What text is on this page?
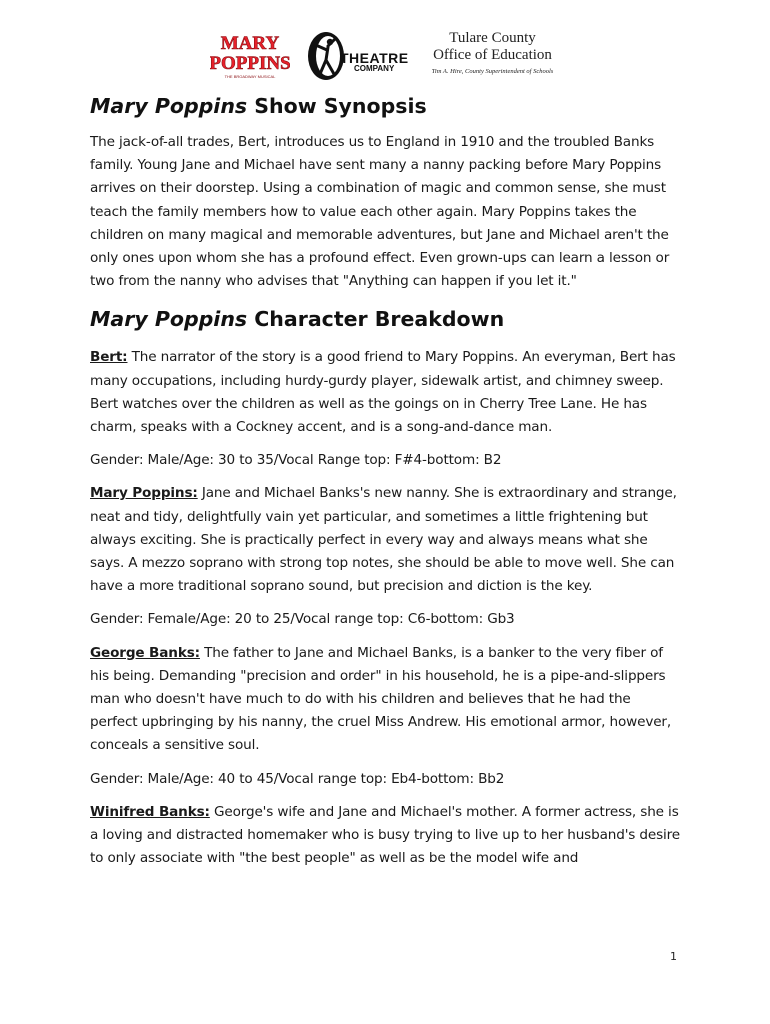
MARY
POPPINS
THE BROADWAY MUSICAL
THEATRE
COMPANY
Tulare County
Office of Education
Tim A. Hire, County Superintendent of Schools
Mary Poppins Show Synopsis

The jack-of-all trades, Bert, introduces us to England in 1910 and the troubled Banks family. Young Jane and Michael have sent many a nanny packing before Mary Poppins arrives on their doorstep. Using a combination of magic and common sense, she must teach the family members how to value each other again. Mary Poppins takes the children on many magical and memorable adventures, but Jane and Michael aren't the only ones upon whom she has a profound effect. Even grown-ups can learn a lesson or two from the nanny who advises that "Anything can happen if you let it."

Mary Poppins Character Breakdown

Bert: The narrator of the story is a good friend to Mary Poppins. An everyman, Bert has many occupations, including hurdy-gurdy player, sidewalk artist, and chimney sweep. Bert watches over the children as well as the goings on in Cherry Tree Lane. He has charm, speaks with a Cockney accent, and is a song-and-dance man.

Gender: Male/Age: 30 to 35/Vocal Range top: F#4-bottom: B2

Mary Poppins: Jane and Michael Banks's new nanny. She is extraordinary and strange, neat and tidy, delightfully vain yet particular, and sometimes a little frightening but always exciting. She is practically perfect in every way and always means what she says. A mezzo soprano with strong top notes, she should be able to move well. She can have a more traditional soprano sound, but precision and diction is the key.

Gender: Female/Age: 20 to 25/Vocal range top: C6-bottom: Gb3

George Banks: The father to Jane and Michael Banks, is a banker to the very fiber of his being. Demanding "precision and order" in his household, he is a pipe-and-slippers man who doesn't have much to do with his children and believes that he had the perfect upbringing by his nanny, the cruel Miss Andrew. His emotional armor, however, conceals a sensitive soul.

Gender: Male/Age: 40 to 45/Vocal range top: Eb4-bottom: Bb2

Winifred Banks: George's wife and Jane and Michael's mother. A former actress, she is a loving and distracted homemaker who is busy trying to live up to her husband's desire to only associate with "the best people" as well as be the model wife and

1
